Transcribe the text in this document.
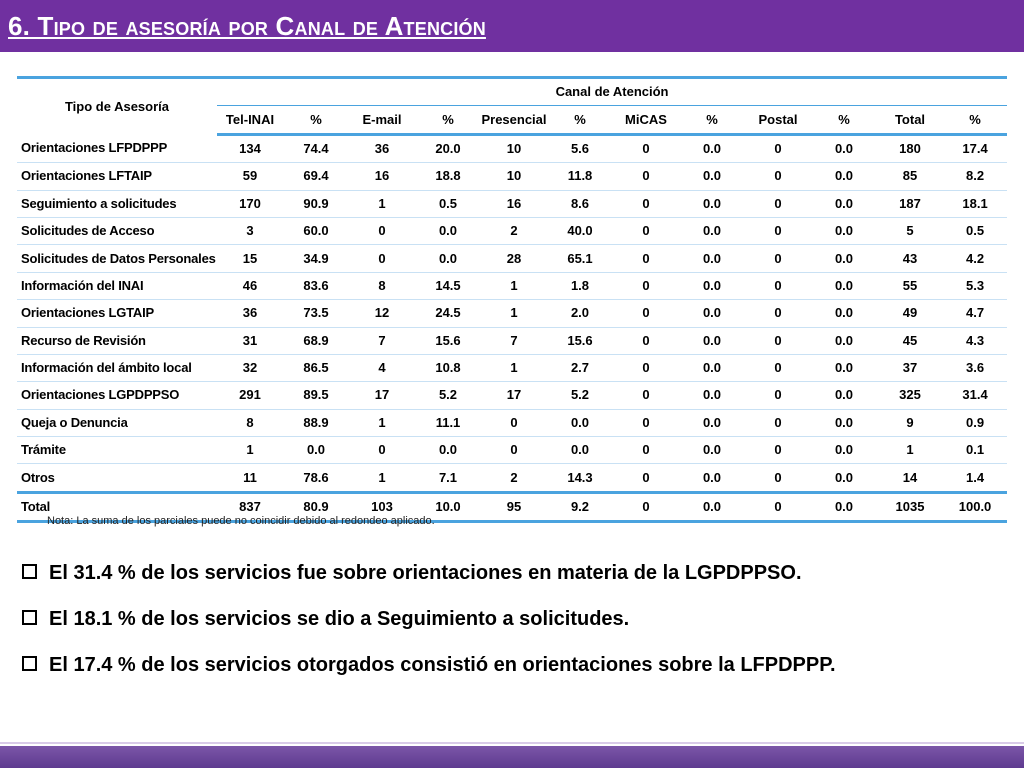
6. Tipo de asesoría por Canal de Atención
Tipo de Asesoría	Canal de Atención											
	Tel-INAI	%	E-mail	%	Presencial	%	MiCAS	%	Postal	%	Total	%
Orientaciones LFPDPPP	134	74.4	36	20.0	10	5.6	0	0.0	0	0.0	180	17.4
Orientaciones LFTAIP	59	69.4	16	18.8	10	11.8	0	0.0	0	0.0	85	8.2
Seguimiento a solicitudes	170	90.9	1	0.5	16	8.6	0	0.0	0	0.0	187	18.1
Solicitudes de Acceso	3	60.0	0	0.0	2	40.0	0	0.0	0	0.0	5	0.5
Solicitudes de Datos Personales	15	34.9	0	0.0	28	65.1	0	0.0	0	0.0	43	4.2
Información del INAI	46	83.6	8	14.5	1	1.8	0	0.0	0	0.0	55	5.3
Orientaciones LGTAIP	36	73.5	12	24.5	1	2.0	0	0.0	0	0.0	49	4.7
Recurso de Revisión	31	68.9	7	15.6	7	15.6	0	0.0	0	0.0	45	4.3
Información del ámbito local	32	86.5	4	10.8	1	2.7	0	0.0	0	0.0	37	3.6
Orientaciones LGPDPPSO	291	89.5	17	5.2	17	5.2	0	0.0	0	0.0	325	31.4
Queja o Denuncia	8	88.9	1	11.1	0	0.0	0	0.0	0	0.0	9	0.9
Trámite	1	0.0	0	0.0	0	0.0	0	0.0	0	0.0	1	0.1
Otros	11	78.6	1	7.1	2	14.3	0	0.0	0	0.0	14	1.4
Total	837	80.9	103	10.0	95	9.2	0	0.0	0	0.0	1035	100.0
Nota: La suma de los parciales puede no coincidir debido al redondeo aplicado.
El 31.4 % de los servicios fue sobre orientaciones en materia de la LGPDPPSO.
El 18.1 % de los servicios se dio a Seguimiento a solicitudes.
El 17.4 % de los servicios otorgados consistió en orientaciones sobre la LFPDPPP.
